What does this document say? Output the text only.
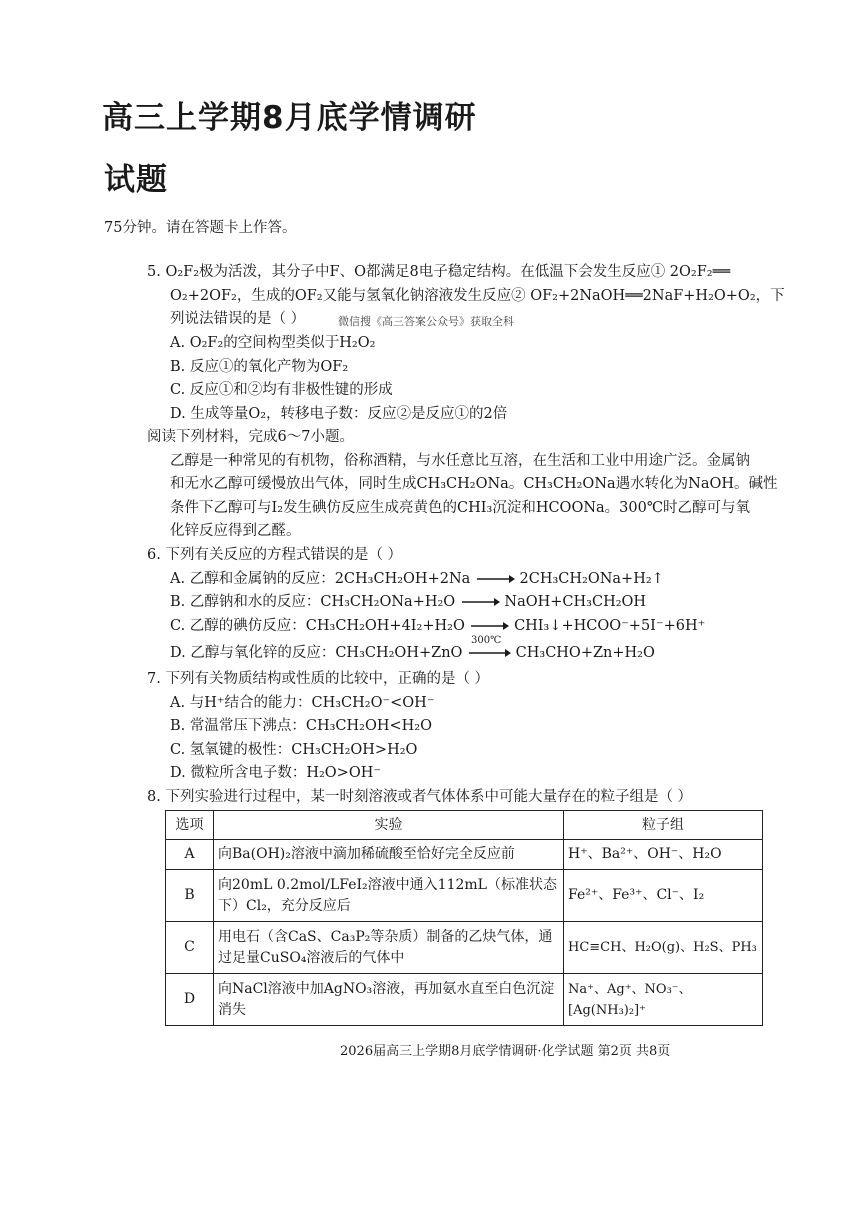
高三上学期8月底学情调研
试题
75分钟。请在答题卡上作答。
5. O₂F₂极为活泼，其分子中F、O都满足8电子稳定结构。在低温下会发生反应① 2O₂F₂══
O₂+2OF₂，生成的OF₂又能与氢氧化钠溶液发生反应② OF₂+2NaOH══2NaF+H₂O+O₂，下
列说法错误的是（ ）	微信搜《高三答案公众号》获取全科
A. O₂F₂的空间构型类似于H₂O₂
B. 反应①的氧化产物为OF₂
C. 反应①和②均有非极性键的形成
D. 生成等量O₂，转移电子数：反应②是反应①的2倍
阅读下列材料，完成6～7小题。
乙醇是一种常见的有机物，俗称酒精，与水任意比互溶，在生活和工业中用途广泛。金属钠
和无水乙醇可缓慢放出气体，同时生成CH₃CH₂ONa。CH₃CH₂ONa遇水转化为NaOH。碱性
条件下乙醇可与I₂发生碘仿反应生成亮黄色的CHI₃沉淀和HCOONa。300℃时乙醇可与氧
化锌反应得到乙醛。
6. 下列有关反应的方程式错误的是（ ）
A. 乙醇和金属钠的反应：2CH₃CH₂OH+2Na → 2CH₃CH₂ONa+H₂↑
B. 乙醇钠和水的反应：CH₃CH₂ONa+H₂O → NaOH+CH₃CH₂OH
C. 乙醇的碘仿反应：CH₃CH₂OH+4I₂+H₂O → CHI₃↓+HCOO⁻+5I⁻+6H⁺
D. 乙醇与氧化锌的反应：CH₃CH₂OH+ZnO
300℃
CH₃CHO+Zn+H₂O
7. 下列有关物质结构或性质的比较中，正确的是（ ）
A. 与H⁺结合的能力：CH₃CH₂O⁻<OH⁻
B. 常温常压下沸点：CH₃CH₂OH<H₂O
C. 氢氧键的极性：CH₃CH₂OH>H₂O
D. 微粒所含电子数：H₂O>OH⁻
8. 下列实验进行过程中，某一时刻溶液或者气体体系中可能大量存在的粒子组是（ ）
选项	实验	粒子组
A	向Ba(OH)₂溶液中滴加稀硫酸至恰好完全反应前	H⁺、Ba²⁺、OH⁻、H₂O
B	向20mL 0.2mol/LFeI₂溶液中通入112mL（标准状态下）Cl₂，充分反应后	Fe²⁺、Fe³⁺、Cl⁻、I₂
C	用电石（含CaS、Ca₃P₂等杂质）制备的乙炔气体，通过足量CuSO₄溶液后的气体中	HC≡CH、H₂O(g)、H₂S、PH₃
D	向NaCl溶液中加AgNO₃溶液，再加氨水直至白色沉淀消失	Na⁺、Ag⁺、NO₃⁻、[Ag(NH₃)₂]⁺
2026届高三上学期8月底学情调研·化学试题 第2页 共8页
